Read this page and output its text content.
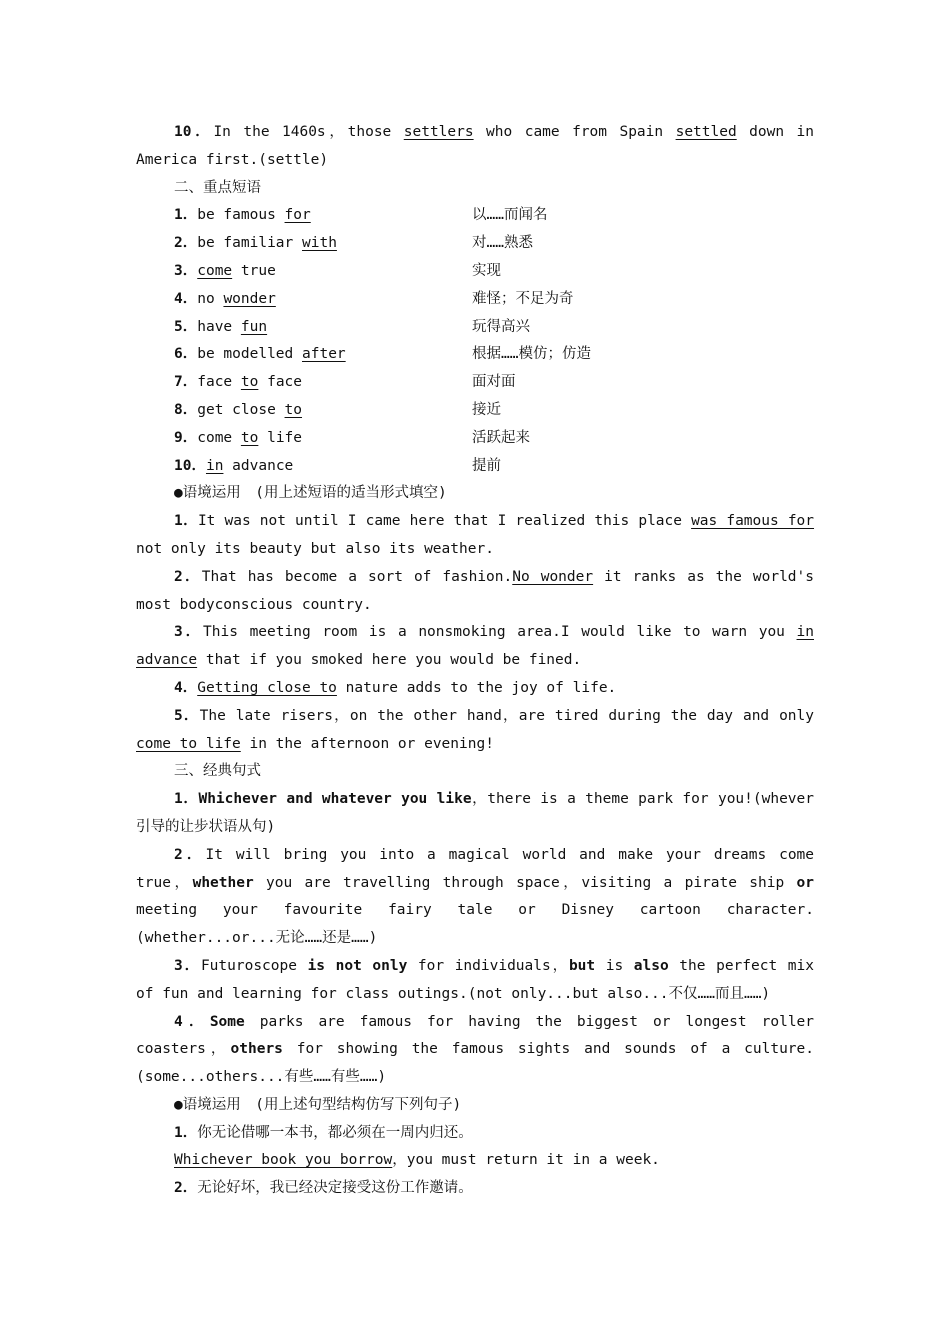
10．In the 1460s，those settlers who came from Spain settled down in America first.(settle)

二、重点短语

1．be famous for	以……而闻名
2．be familiar with	对……熟悉
3．come true	实现
4．no wonder	难怪；不足为奇
5．have fun	玩得高兴
6．be modelled after	根据……模仿；仿造
7．face to face	面对面
8．get close to	接近
9．come to life	活跃起来
10．in advance	提前

●语境运用　(用上述短语的适当形式填空)

1．It was not until I came here that I realized this place was famous for not only its beauty but also its weather.

2．That has become a sort of fashion.No wonder it ranks as the world's most bodyconscious country.

3．This meeting room is a nonsmoking area.I would like to warn you in advance that if you smoked here you would be fined.

4．Getting close to nature adds to the joy of life.

5．The late risers，on the other hand，are tired during the day and only come to life in the afternoon or evening!

三、经典句式

1．Whichever and whatever you like，there is a theme park for you!(whever引导的让步状语从句)

2．It will bring you into a magical world and make your dreams come true，whether you are travelling through space，visiting a pirate ship or meeting your favourite fairy tale or Disney cartoon character.(whether...or...无论……还是……)

3．Futuroscope is not only for individuals，but is also the perfect mix of fun and learning for class outings.(not only...but also...不仅……而且……)

4．Some parks are famous for having the biggest or longest roller coasters，others for showing the famous sights and sounds of a culture.(some...others...有些……有些……)

●语境运用　(用上述句型结构仿写下列句子)

1．你无论借哪一本书，都必须在一周内归还。

Whichever book you borrow，you must return it in a week.

2．无论好坏，我已经决定接受这份工作邀请。
